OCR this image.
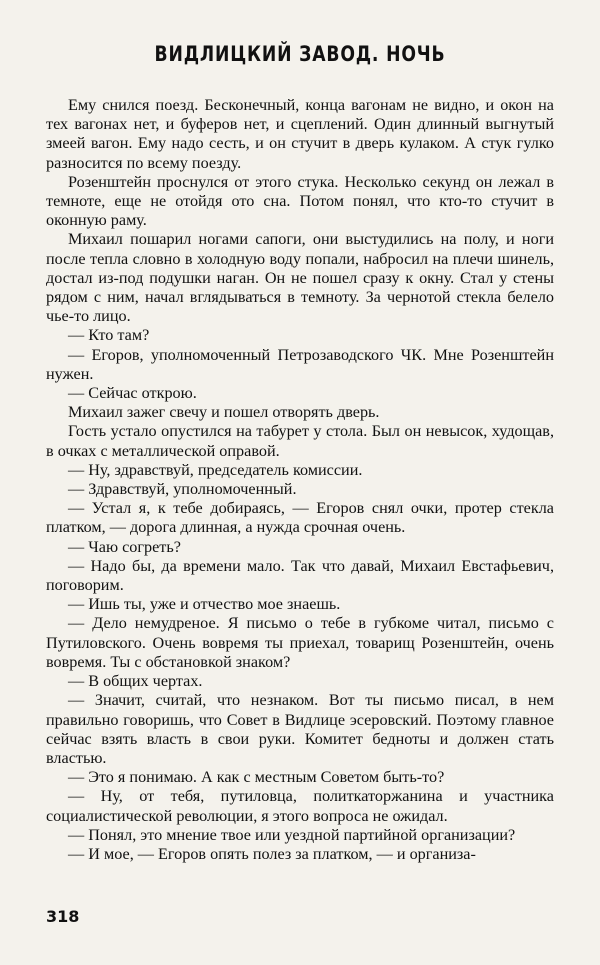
ВИДЛИЦКИЙ ЗАВОД. НОЧЬ

Ему снился поезд. Бесконечный, конца вагонам не видно, и окон на тех вагонах нет, и буферов нет, и сцеплений. Один длинный выгнутый змеей вагон. Ему надо сесть, и он стучит в дверь кулаком. А стук гулко разносится по всему поезду.

Розенштейн проснулся от этого стука. Несколько секунд он лежал в темноте, еще не отойдя ото сна. Потом понял, что кто-то стучит в оконную раму.

Михаил пошарил ногами сапоги, они выстудились на полу, и ноги после тепла словно в холодную воду попали, набросил на плечи шинель, достал из-под подушки наган. Он не пошел сразу к окну. Стал у стены рядом с ним, начал вглядываться в темноту. За чернотой стекла белело чье-то лицо.

— Кто там?

— Егоров, уполномоченный Петрозаводского ЧК. Мне Розенштейн нужен.

— Сейчас открою.

Михаил зажег свечу и пошел отворять дверь.

Гость устало опустился на табурет у стола. Был он невысок, худощав, в очках с металлической оправой.

— Ну, здравствуй, председатель комиссии.

— Здравствуй, уполномоченный.

— Устал я, к тебе добираясь, — Егоров снял очки, протер стекла платком, — дорога длинная, а нужда срочная очень.

— Чаю согреть?

— Надо бы, да времени мало. Так что давай, Михаил Евстафьевич, поговорим.

— Ишь ты, уже и отчество мое знаешь.

— Дело немудреное. Я письмо о тебе в губкоме читал, письмо с Путиловского. Очень вовремя ты приехал, товарищ Розенштейн, очень вовремя. Ты с обстановкой знаком?

— В общих чертах.

— Значит, считай, что незнаком. Вот ты письмо писал, в нем правильно говоришь, что Совет в Видлице эсеровский. Поэтому главное сейчас взять власть в свои руки. Комитет бедноты и должен стать властью.

— Это я понимаю. А как с местным Советом быть-то?

— Ну, от тебя, путиловца, политкаторжанина и участника социалистической революции, я этого вопроса не ожидал.

— Понял, это мнение твое или уездной партийной организации?

— И мое, — Егоров опять полез за платком, — и организа-

318
